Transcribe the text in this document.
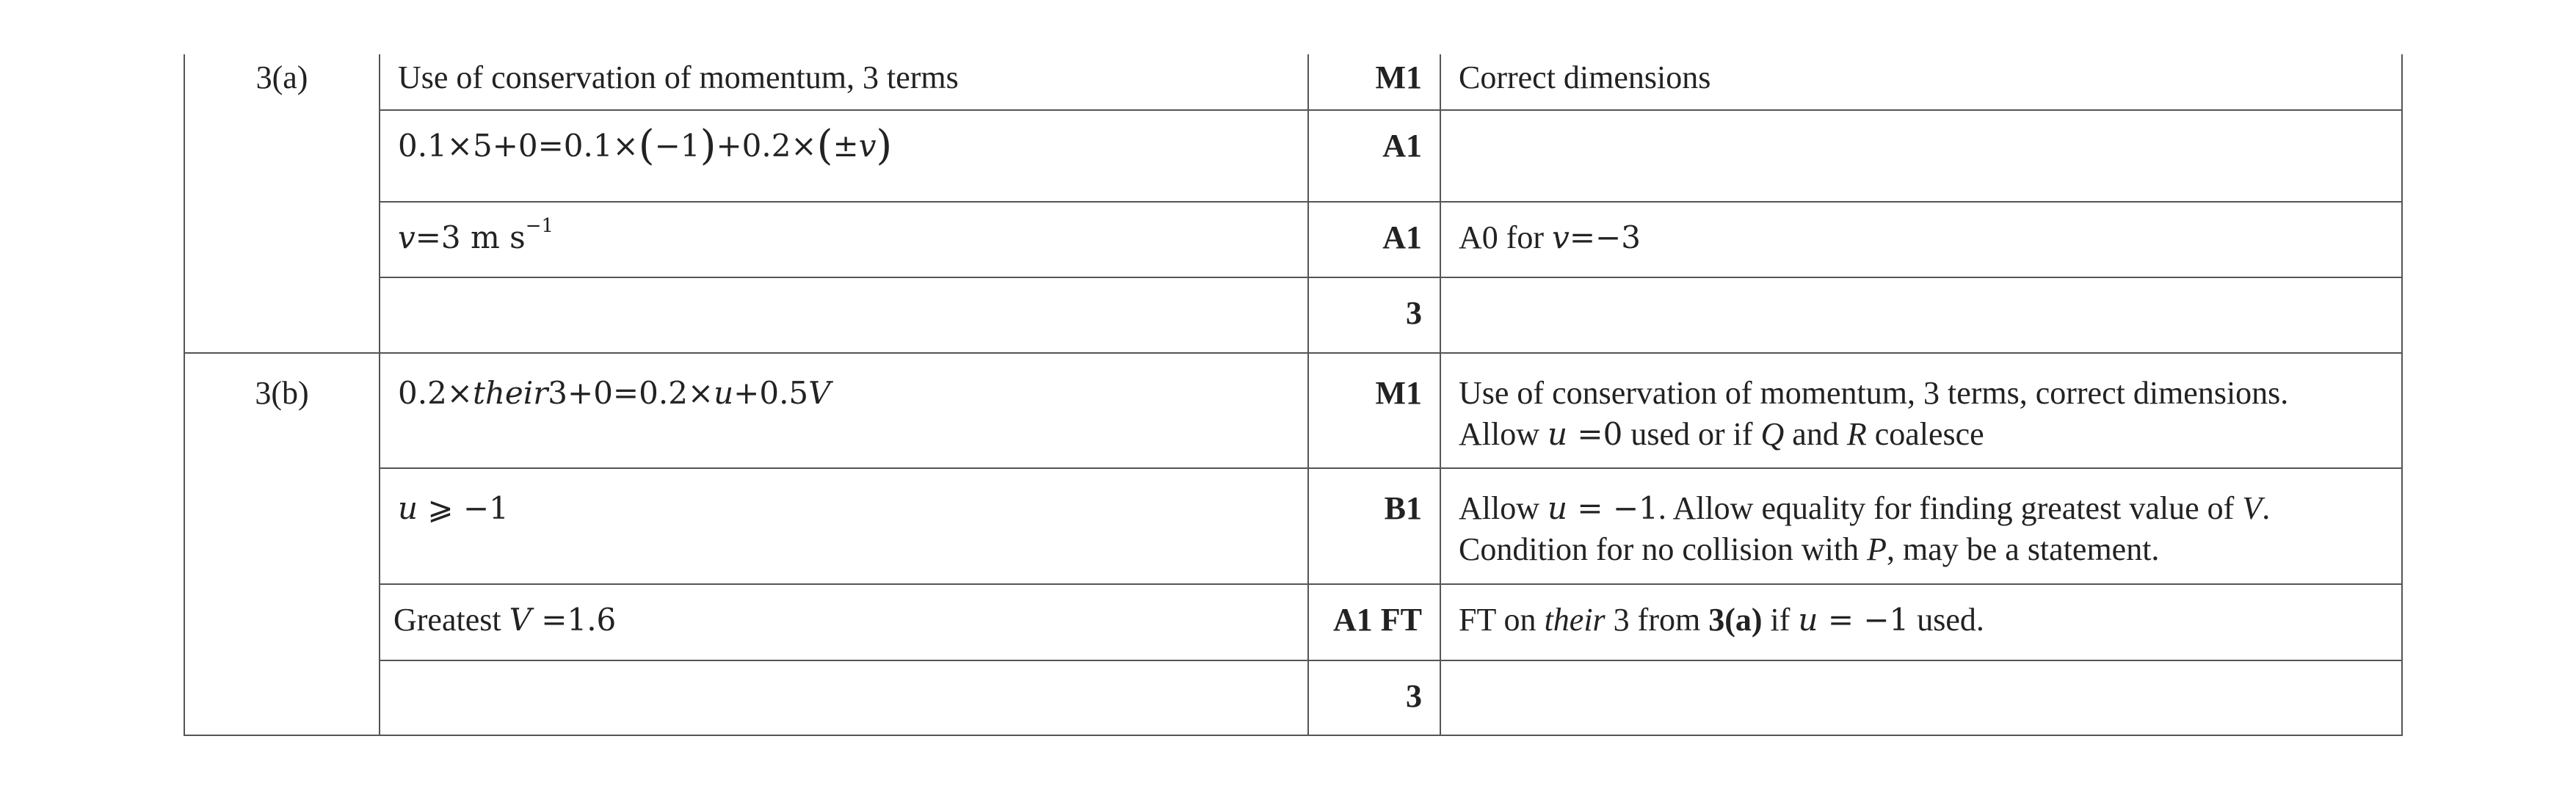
3(a)	Use of conservation of momentum, 3 terms	M1	Correct dimensions
	0.1×5+0=0.1×(−1)+0.2×(±v)	A1	
	v=3 m $s^{-1}$	A1	A0 for v=−3
		3	
3(b)	0.2×their3+0=0.2×u+0.5V	M1	Use of conservation of momentum, 3 terms, correct dimensions.
Allow u =0 used or if Q and R coalesce

	u ⩾ −1	B1	Allow u = −1. Allow equality for finding greatest value of V.
Condition for no collision with P, may be a statement.

	Greatest V =1.6	A1 FT	FT on their 3 from 3(a) if u = −1 used.
		3	
